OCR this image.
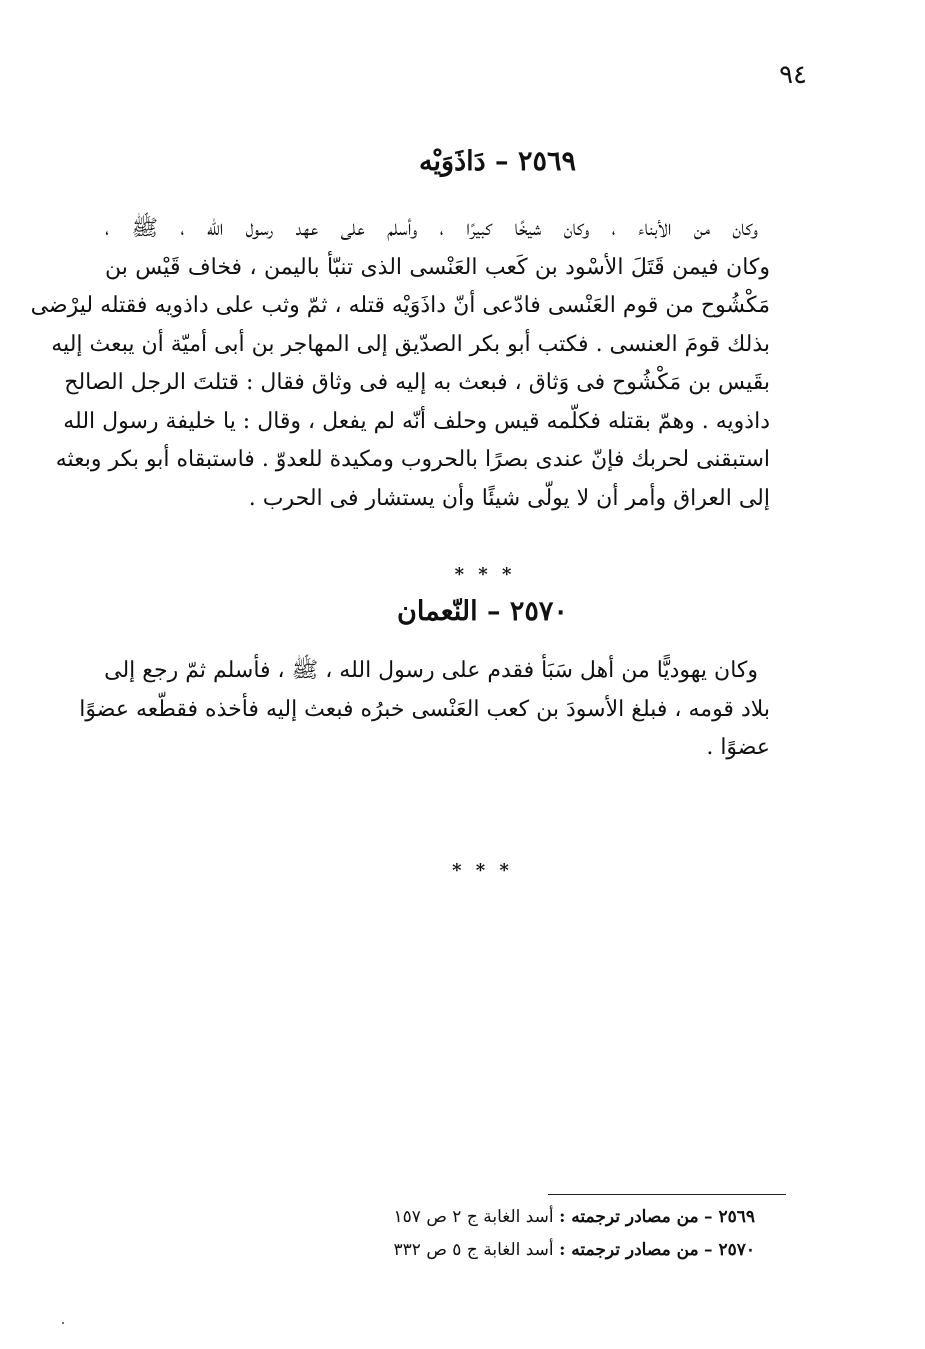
٩٤
٢٥٦٩ – دَاذَوَيْه
وكان من الأبناء ، وكان شيخًا كبيرًا ، وأسلم على عهد رسول الله ، ﷺ ،
وكان فيمن قَتَلَ الأسْود بن كَعب العَنْسى الذى تنبّأ باليمن ، فخاف قَيْس بن
مَكْشُوح من قوم العَنْسى فادّعى أنّ داذَوَيْه قتله ، ثمّ وثب على داذويه فقتله ليرْضى
بذلك قومَ العنسى . فكتب أبو بكر الصدّيق إلى المهاجر بن أبى أميّة أن يبعث إليه
بقَيس بن مَكْشُوح فى وَثاق ، فبعث به إليه فى وثاق فقال : قتلتَ الرجل الصالح
داذويه . وهمّ بقتله فكلّمه قيس وحلف أنّه لم يفعل ، وقال : يا خليفة رسول الله
استبقنى لحربك فإنّ عندى بصرًا بالحروب ومكيدة للعدوّ . فاستبقاه أبو بكر وبعثه
إلى العراق وأمر أن لا يولّى شيئًا وأن يستشار فى الحرب .
* * *
٢٥٧٠ – النّعمان
وكان يهوديًّا من أهل سَبَأ فقدم على رسول الله ، ﷺ ، فأسلم ثمّ رجع إلى
بلاد قومه ، فبلغ الأسودَ بن كعب العَنْسى خبرُه فبعث إليه فأخذه فقطّعه عضوًا
عضوًا .
* * *
٢٥٦٩ – من مصادر ترجمته : أسد الغابة ج ٢ ص ١٥٧
٢٥٧٠ – من مصادر ترجمته : أسد الغابة ج ٥ ص ٣٣٢
